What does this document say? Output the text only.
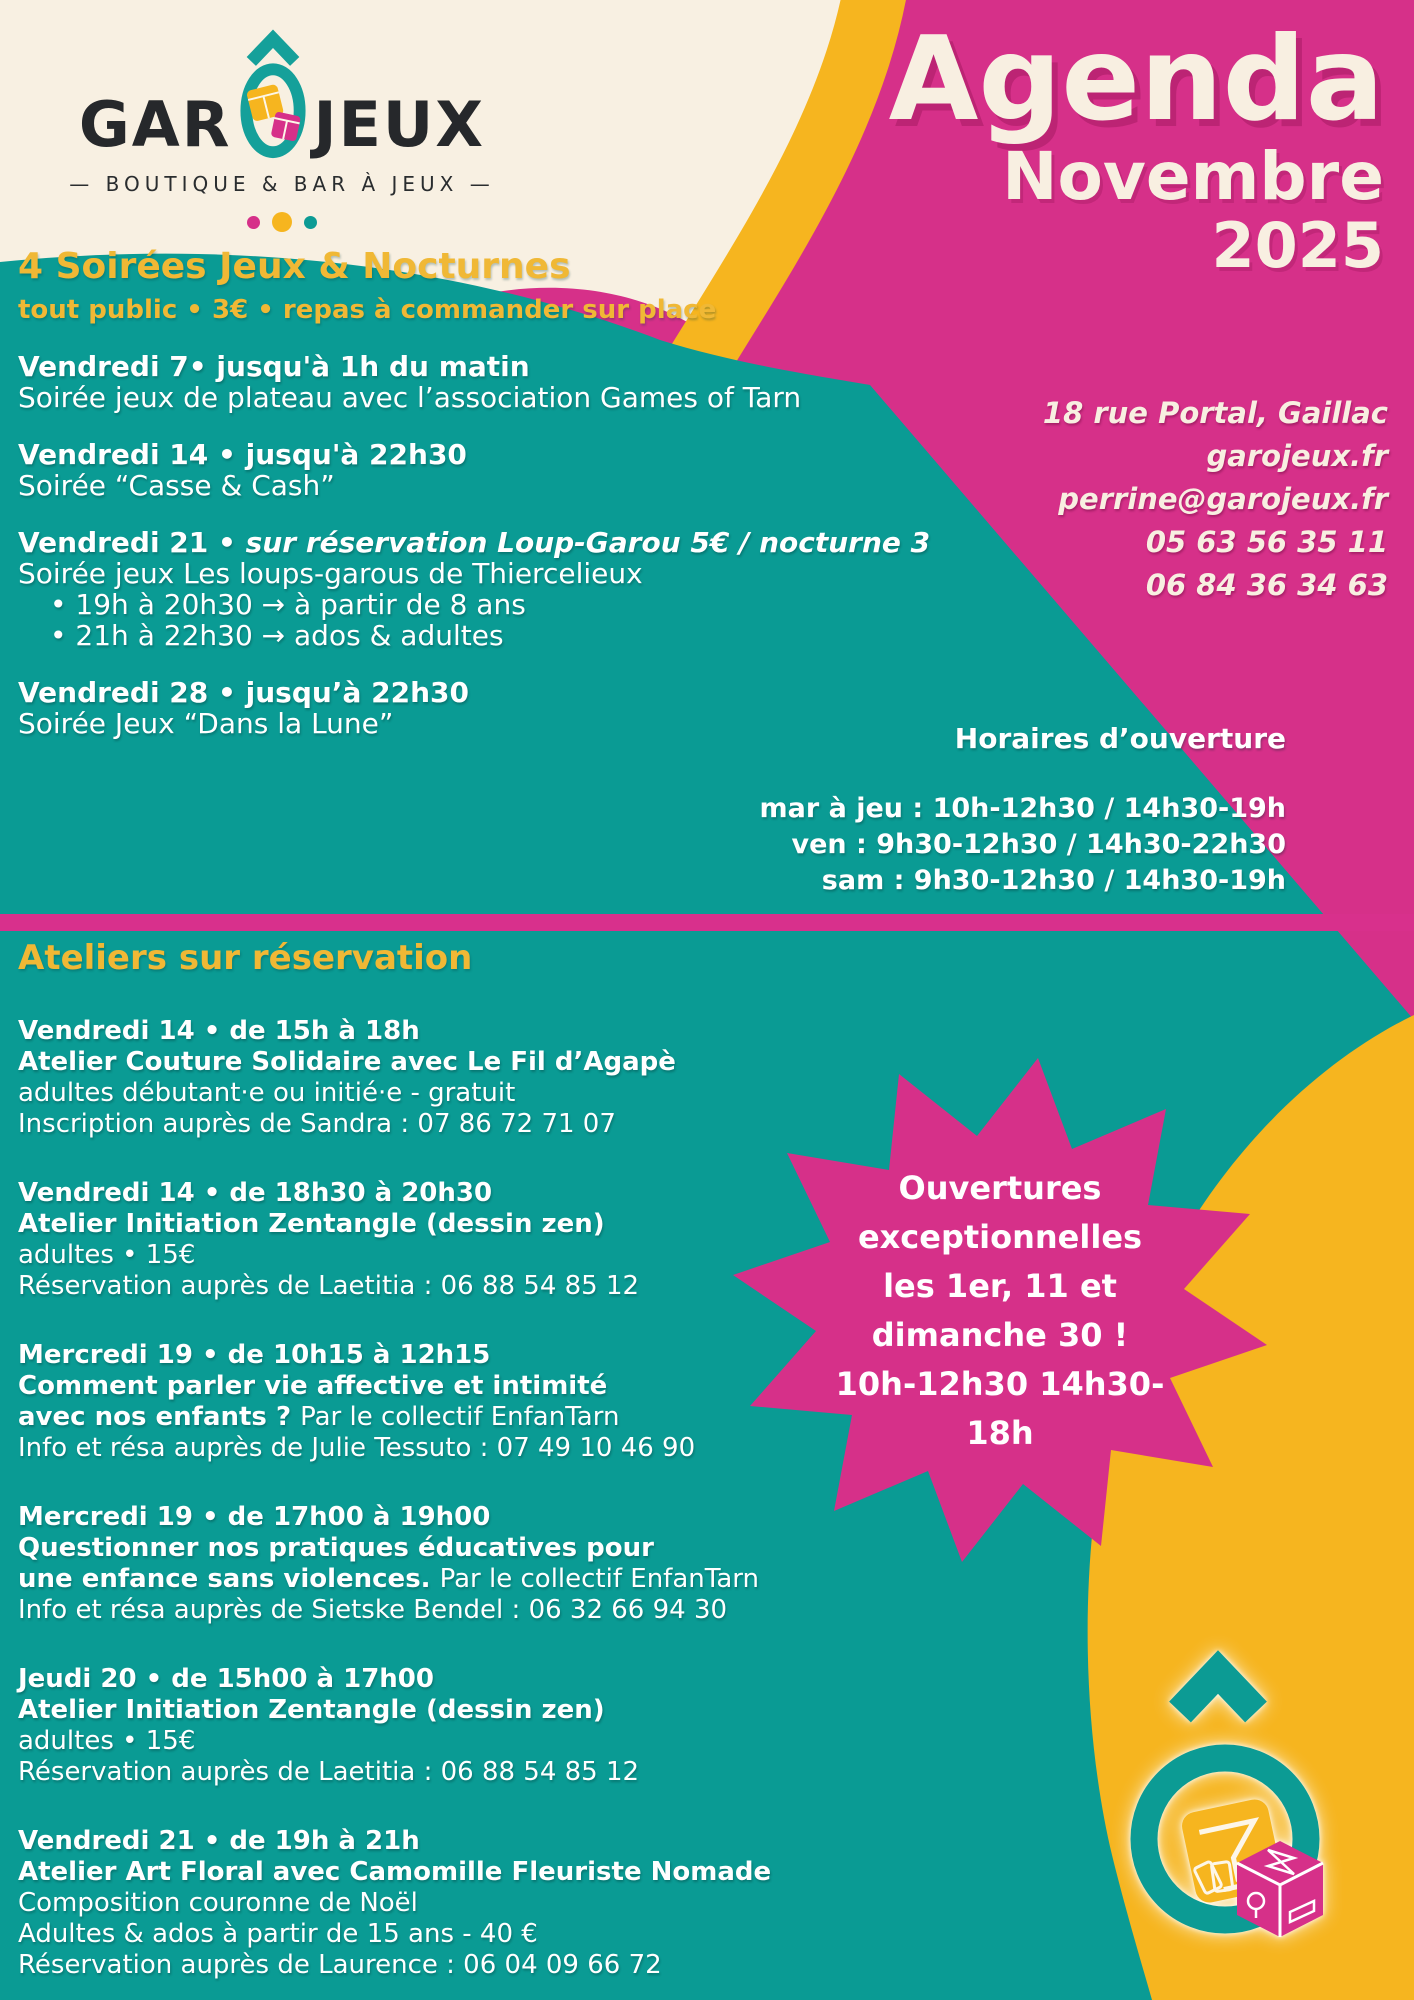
GAR JEUX
— BOUTIQUE & BAR À JEUX —
Agenda
Novembre
2025
18 rue Portal, Gaillac
garojeux.fr
perrine@garojeux.fr
05 63 56 35 11
06 84 36 34 63
4 Soirées Jeux & Nocturnes
tout public • 3€ • repas à commander sur place
Vendredi 7• jusqu'à 1h du matin
Soirée jeux de plateau avec l’association Games of Tarn
Vendredi 14 • jusqu'à 22h30
Soirée “Casse & Cash”
Vendredi 21 • sur réservation Loup-Garou 5€ / nocturne 3
Soirée jeux Les loups-garous de Thiercelieux
• 19h à 20h30 → à partir de 8 ans
• 21h à 22h30 → ados & adultes
Vendredi 28 • jusqu’à 22h30
Soirée Jeux “Dans la Lune”	Horaires d’ouverture
mar à jeu : 10h-12h30 / 14h30-19h
ven : 9h30-12h30 / 14h30-22h30
sam : 9h30-12h30 / 14h30-19h
Ateliers sur réservation
Vendredi 14 • de 15h à 18h
Atelier Couture Solidaire avec Le Fil d’Agapè
adultes débutant·e ou initié·e - gratuit
Inscription auprès de Sandra : 07 86 72 71 07
Vendredi 14 • de 18h30 à 20h30
Atelier Initiation Zentangle (dessin zen)
adultes • 15€
Réservation auprès de Laetitia : 06 88 54 85 12
Mercredi 19 • de 10h15 à 12h15
Comment parler vie affective et intimité
avec nos enfants ? Par le collectif EnfanTarn
Info et résa auprès de Julie Tessuto : 07 49 10 46 90
Mercredi 19 • de 17h00 à 19h00
Questionner nos pratiques éducatives pour
une enfance sans violences. Par le collectif EnfanTarn
Info et résa auprès de Sietske Bendel : 06 32 66 94 30
Jeudi 20 • de 15h00 à 17h00
Atelier Initiation Zentangle (dessin zen)
adultes • 15€
Réservation auprès de Laetitia : 06 88 54 85 12
Vendredi 21 • de 19h à 21h
Atelier Art Floral avec Camomille Fleuriste Nomade
Composition couronne de Noël
Adultes & ados à partir de 15 ans - 40 €
Réservation auprès de Laurence : 06 04 09 66 72
Ouvertures
exceptionnelles
les 1er, 11 et
dimanche 30 !
10h-12h30 14h30-
18h
